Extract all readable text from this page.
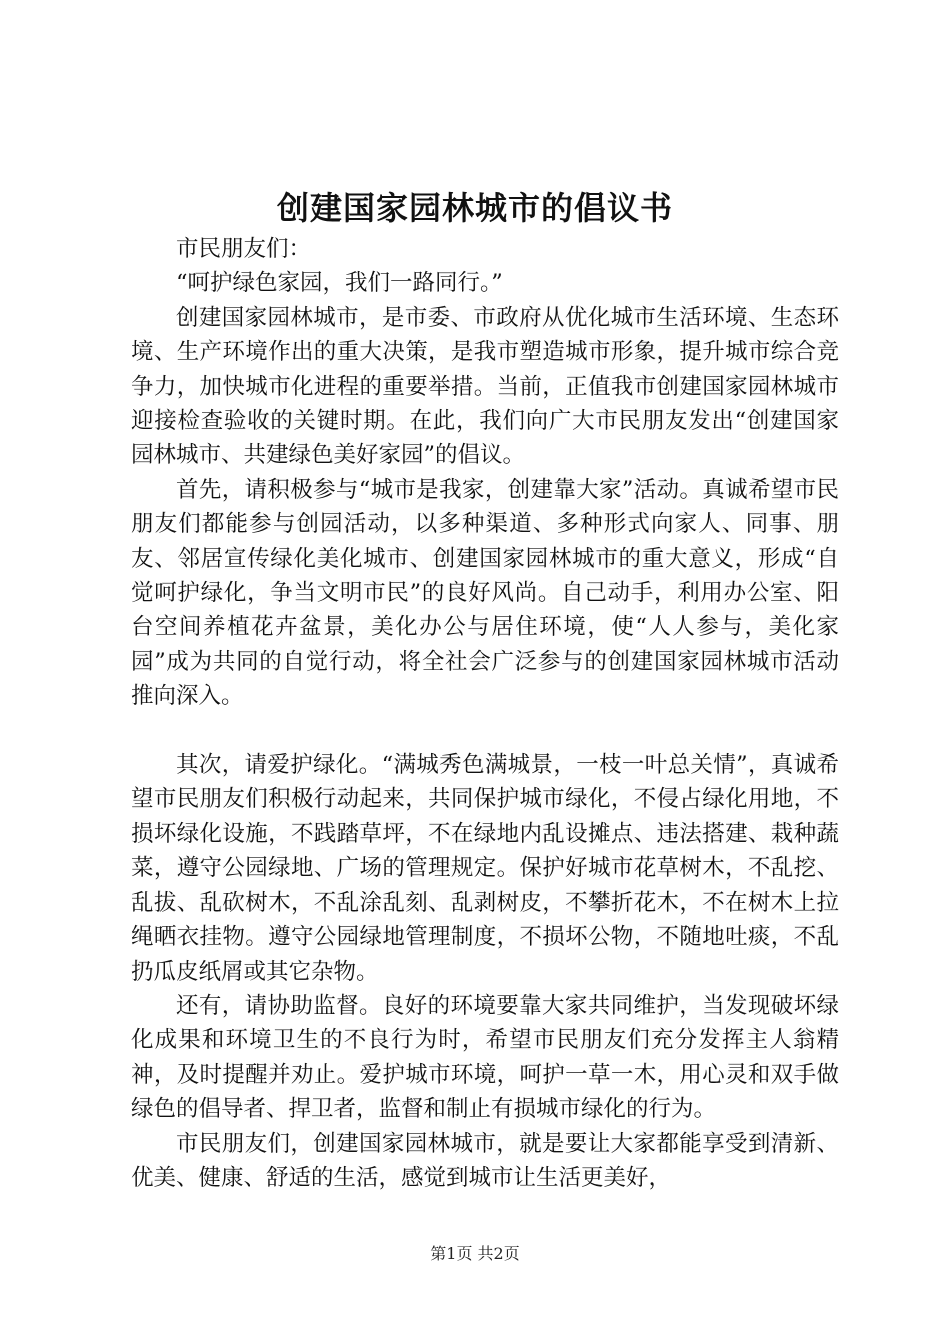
创建国家园林城市的倡议书

市民朋友们：

“呵护绿色家园，我们一路同行。”

创建国家园林城市，是市委、市政府从优化城市生活环境、生态环境、生产环境作出的重大决策，是我市塑造城市形象，提升城市综合竞争力，加快城市化进程的重要举措。当前，正值我市创建国家园林城市迎接检查验收的关键时期。在此，我们向广大市民朋友发出“创建国家园林城市、共建绿色美好家园”的倡议。

首先，请积极参与“城市是我家，创建靠大家”活动。真诚希望市民朋友们都能参与创园活动，以多种渠道、多种形式向家人、同事、朋友、邻居宣传绿化美化城市、创建国家园林城市的重大意义，形成“自觉呵护绿化，争当文明市民”的良好风尚。自己动手，利用办公室、阳台空间养植花卉盆景，美化办公与居住环境，使“人人参与，美化家园”成为共同的自觉行动，将全社会广泛参与的创建国家园林城市活动推向深入。

其次，请爱护绿化。“满城秀色满城景，一枝一叶总关情”，真诚希望市民朋友们积极行动起来，共同保护城市绿化，不侵占绿化用地，不损坏绿化设施，不践踏草坪，不在绿地内乱设摊点、违法搭建、栽种蔬菜，遵守公园绿地、广场的管理规定。保护好城市花草树木，不乱挖、乱拔、乱砍树木，不乱涂乱刻、乱剥树皮，不攀折花木，不在树木上拉绳晒衣挂物。遵守公园绿地管理制度，不损坏公物，不随地吐痰，不乱扔瓜皮纸屑或其它杂物。

还有，请协助监督。良好的环境要靠大家共同维护，当发现破坏绿化成果和环境卫生的不良行为时，希望市民朋友们充分发挥主人翁精神，及时提醒并劝止。爱护城市环境，呵护一草一木，用心灵和双手做绿色的倡导者、捍卫者，监督和制止有损城市绿化的行为。

市民朋友们，创建国家园林城市，就是要让大家都能享受到清新、优美、健康、舒适的生活，感觉到城市让生活更美好，

第1页 共2页
